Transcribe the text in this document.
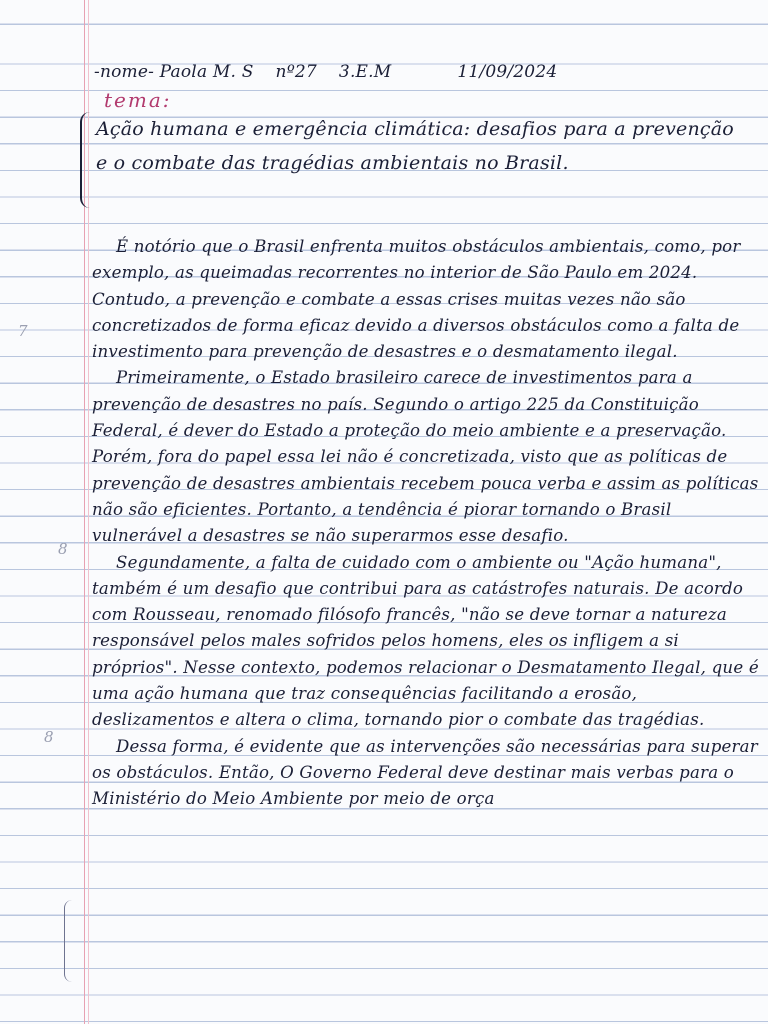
7
8
8
-nome- Paola M. S nº27 3.E.M	11/09/2024
tema:
Ação humana e emergência climática: desafios para a prevenção e o combate das tragédias ambientais no Brasil.

É notório que o Brasil enfrenta muitos obstáculos ambientais, como, por exemplo, as queimadas recorrentes no interior de São Paulo em 2024. Contudo, a prevenção e combate a essas crises muitas vezes não são concretizados de forma eficaz devido a diversos obstáculos como a falta de investimento para prevenção de desastres e o desmatamento ilegal.

Primeiramente, o Estado brasileiro carece de investimentos para a prevenção de desastres no país. Segundo o artigo 225 da Constituição Federal, é dever do Estado a proteção do meio ambiente e a preservação. Porém, fora do papel essa lei não é concretizada, visto que as políticas de prevenção de desastres ambientais recebem pouca verba e assim as políticas não são eficientes. Portanto, a tendência é piorar tornando o Brasil vulnerável a desastres se não superarmos esse desafio.

Segundamente, a falta de cuidado com o ambiente ou "Ação humana", também é um desafio que contribui para as catástrofes naturais. De acordo com Rousseau, renomado filósofo francês, "não se deve tornar a natureza responsável pelos males sofridos pelos homens, eles os infligem a si próprios". Nesse contexto, podemos relacionar o Desmatamento Ilegal, que é uma ação humana que traz consequências facilitando a erosão, deslizamentos e altera o clima, tornando pior o combate das tragédias.

Dessa forma, é evidente que as intervenções são necessárias para superar os obstáculos. Então, O Governo Federal deve destinar mais verbas para o Ministério do Meio Ambiente por meio de orça
